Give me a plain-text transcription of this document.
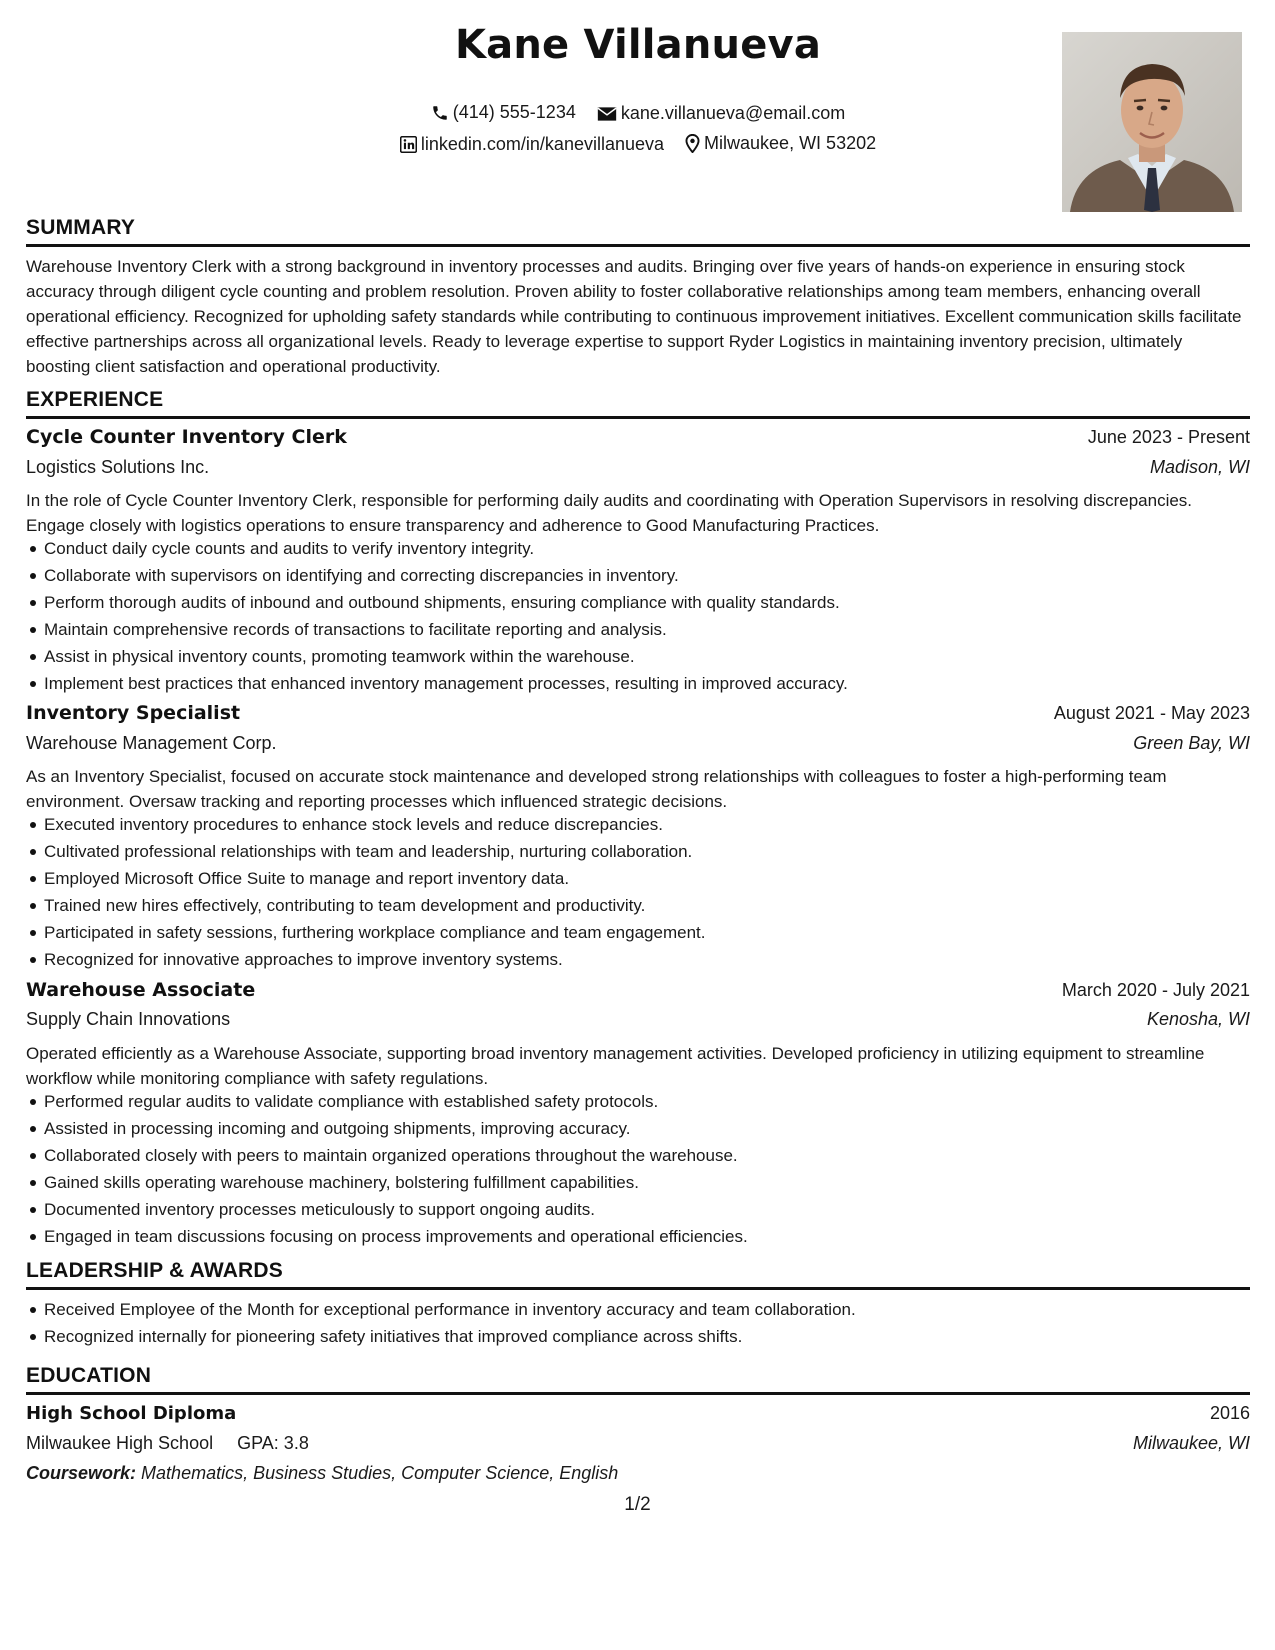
Kane Villanueva
(414) 555-1234
	kane.villanueva@email.com
linkedin.com/in/kanevillanueva
Milwaukee, WI 53202
SUMMARY
Warehouse Inventory Clerk with a strong background in inventory processes and audits. Bringing over five years of hands-on experience in ensuring stock accuracy through diligent cycle counting and problem resolution. Proven ability to foster collaborative relationships among team members, enhancing overall operational efficiency. Recognized for upholding safety standards while contributing to continuous improvement initiatives. Excellent communication skills facilitate effective partnerships across all organizational levels. Ready to leverage expertise to support Ryder Logistics in maintaining inventory precision, ultimately boosting client satisfaction and operational productivity.
EXPERIENCE
Cycle Counter Inventory Clerk	June 2023 - Present
Logistics Solutions Inc.	Madison, WI
In the role of Cycle Counter Inventory Clerk, responsible for performing daily audits and coordinating with Operation Supervisors in resolving discrepancies. Engage closely with logistics operations to ensure transparency and adherence to Good Manufacturing Practices.
Conduct daily cycle counts and audits to verify inventory integrity.
Collaborate with supervisors on identifying and correcting discrepancies in inventory.
Perform thorough audits of inbound and outbound shipments, ensuring compliance with quality standards.
Maintain comprehensive records of transactions to facilitate reporting and analysis.
Assist in physical inventory counts, promoting teamwork within the warehouse.
Implement best practices that enhanced inventory management processes, resulting in improved accuracy.
Inventory Specialist	August 2021 - May 2023
Warehouse Management Corp.	Green Bay, WI
As an Inventory Specialist, focused on accurate stock maintenance and developed strong relationships with colleagues to foster a high-performing team environment. Oversaw tracking and reporting processes which influenced strategic decisions.
Executed inventory procedures to enhance stock levels and reduce discrepancies.
Cultivated professional relationships with team and leadership, nurturing collaboration.
Employed Microsoft Office Suite to manage and report inventory data.
Trained new hires effectively, contributing to team development and productivity.
Participated in safety sessions, furthering workplace compliance and team engagement.
Recognized for innovative approaches to improve inventory systems.
Warehouse Associate	March 2020 - July 2021
Supply Chain Innovations	Kenosha, WI
Operated efficiently as a Warehouse Associate, supporting broad inventory management activities. Developed proficiency in utilizing equipment to streamline workflow while monitoring compliance with safety regulations.
Performed regular audits to validate compliance with established safety protocols.
Assisted in processing incoming and outgoing shipments, improving accuracy.
Collaborated closely with peers to maintain organized operations throughout the warehouse.
Gained skills operating warehouse machinery, bolstering fulfillment capabilities.
Documented inventory processes meticulously to support ongoing audits.
Engaged in team discussions focusing on process improvements and operational efficiencies.
LEADERSHIP & AWARDS
Received Employee of the Month for exceptional performance in inventory accuracy and team collaboration.
Recognized internally for pioneering safety initiatives that improved compliance across shifts.
EDUCATION
High School Diploma	2016
Milwaukee High School GPA: 3.8	Milwaukee, WI
Coursework: Mathematics, Business Studies, Computer Science, English
1/2
